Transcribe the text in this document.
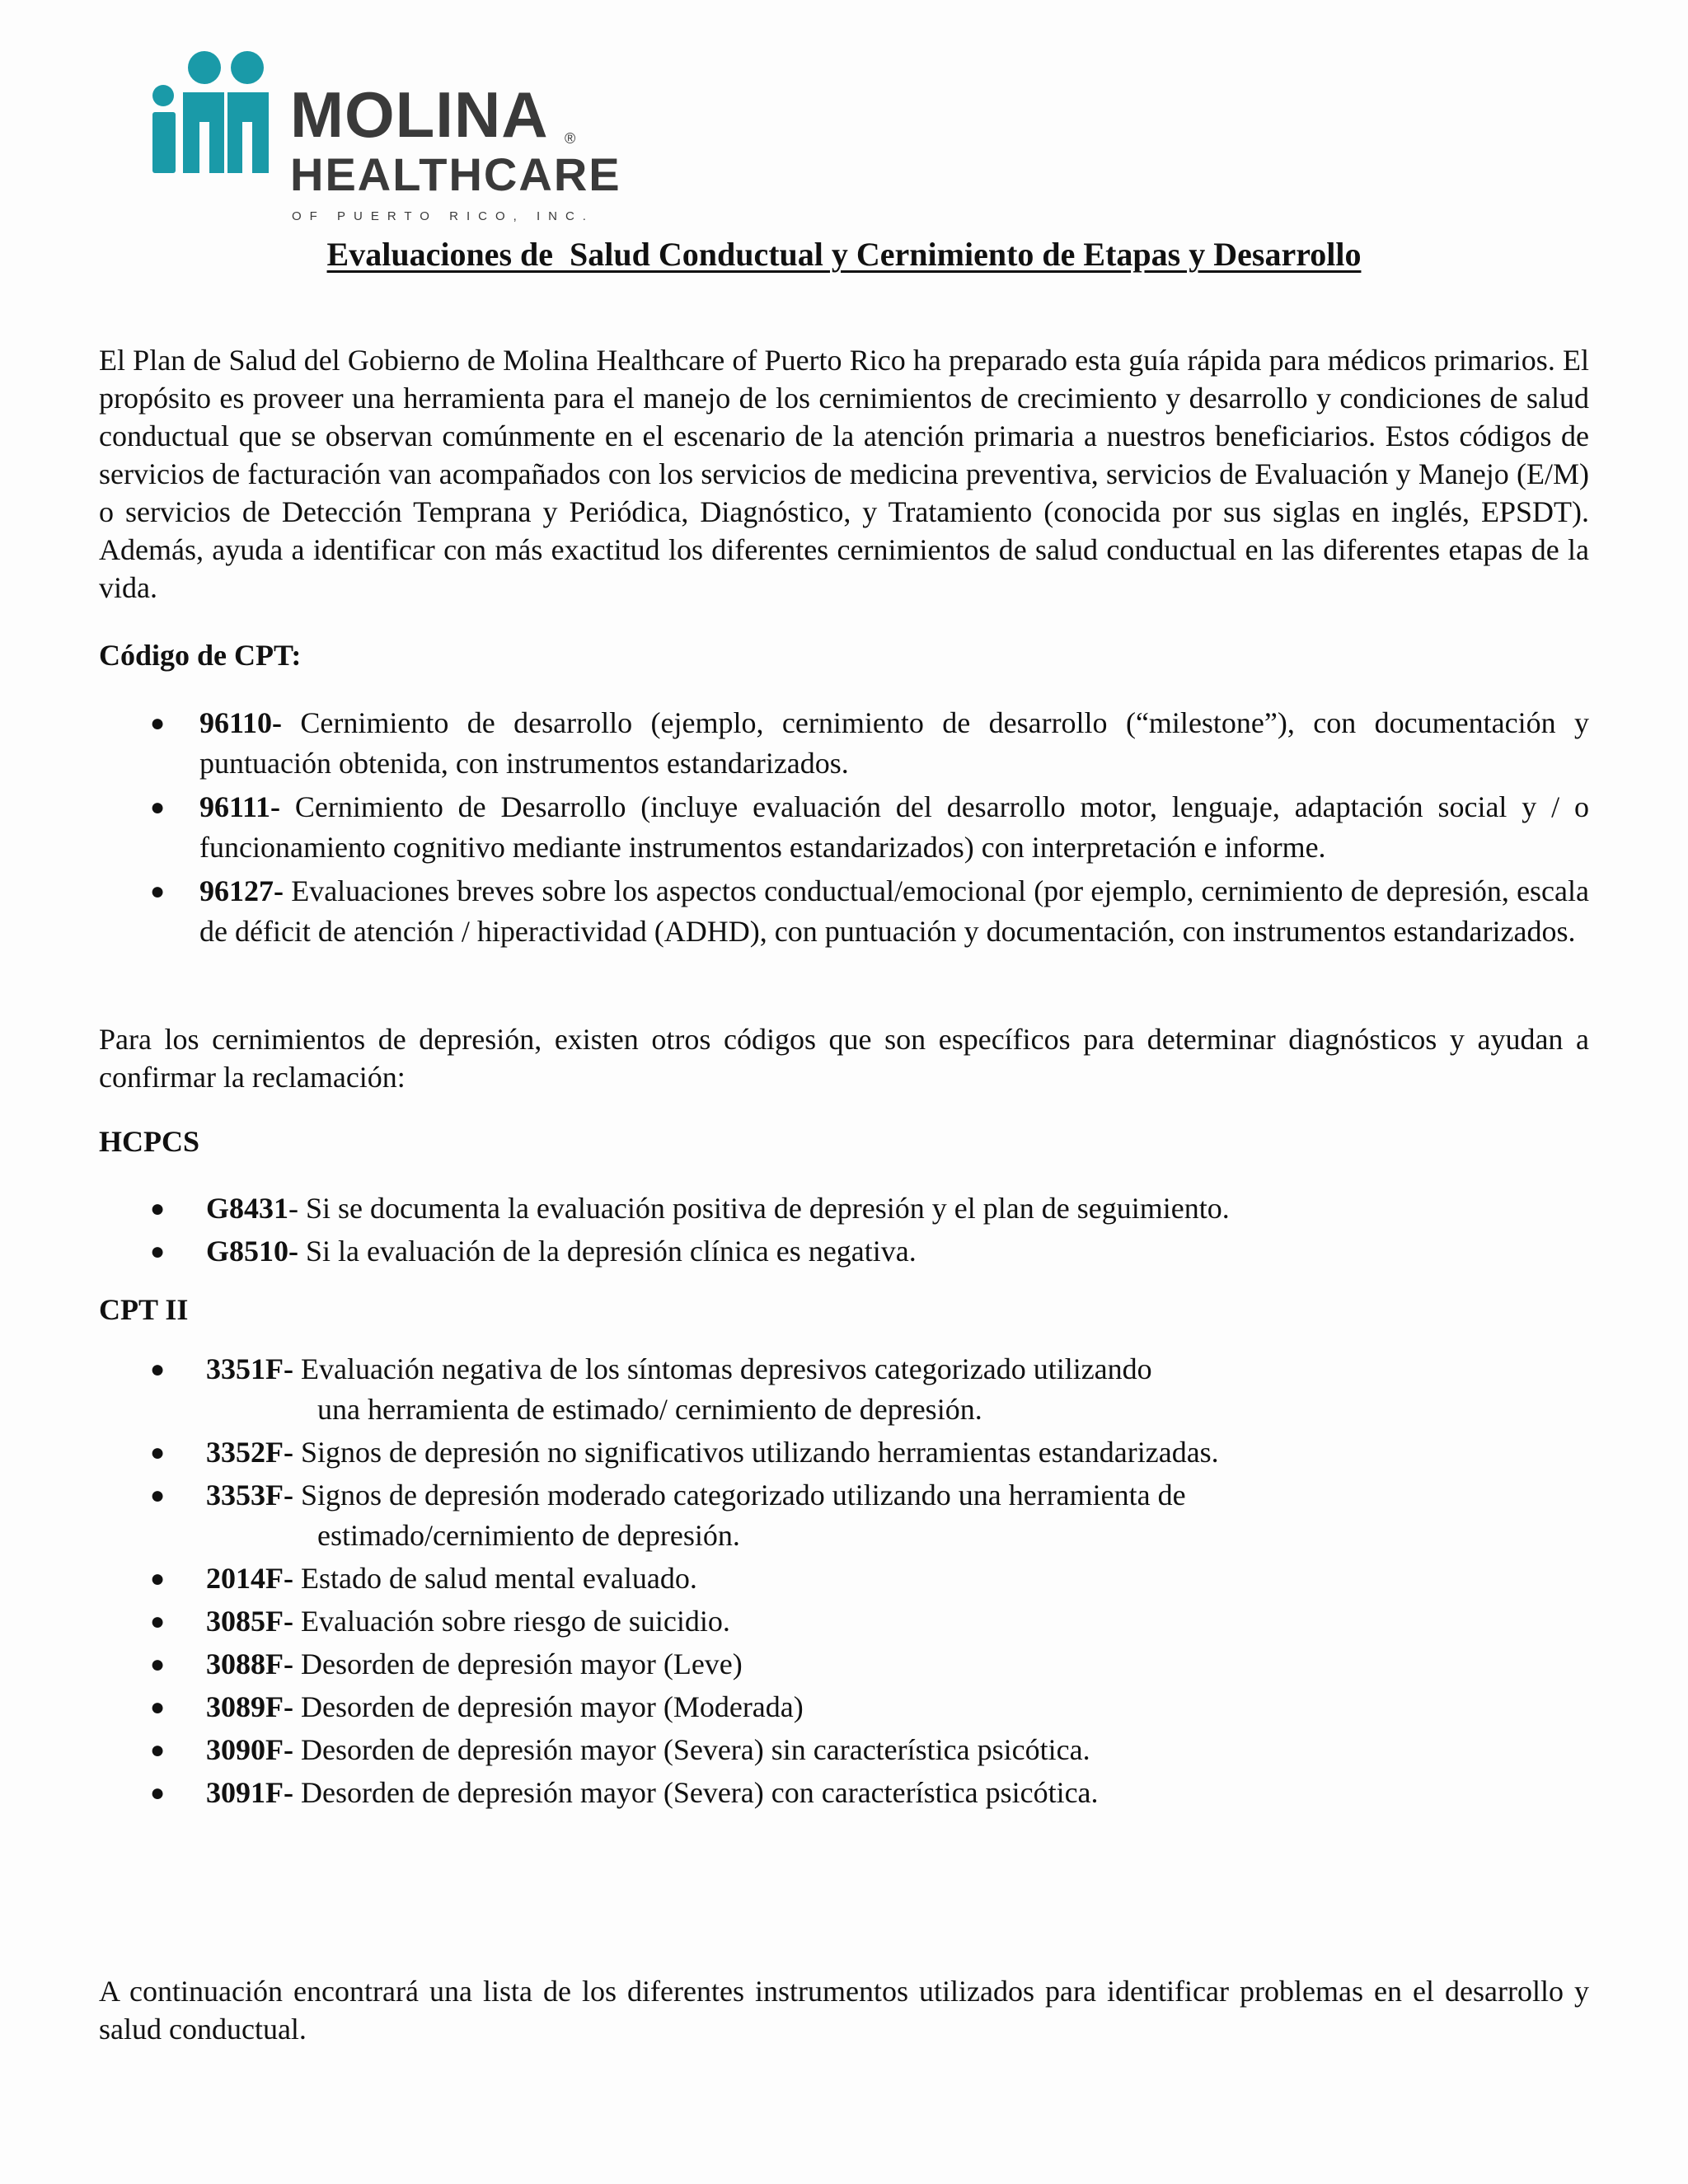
MOLINA	®
HEALTHCARE
OF PUERTO RICO, INC.
Evaluaciones de  Salud Conductual y Cernimiento de Etapas y Desarrollo

El Plan de Salud del Gobierno de Molina Healthcare of Puerto Rico ha preparado esta guía rápida para médicos primarios. El propósito es proveer una herramienta para el manejo de los cernimientos de crecimiento y desarrollo y condiciones de salud conductual que se observan comúnmente en el escenario de la atención primaria a nuestros beneficiarios. Estos códigos de servicios de facturación van acompañados con los servicios de medicina preventiva, servicios de Evaluación y Manejo (E/M) o servicios de Detección Temprana y Periódica, Diagnóstico, y Tratamiento (conocida por sus siglas en inglés, EPSDT). Además, ayuda a identificar con más exactitud los diferentes cernimientos de salud conductual en las diferentes etapas de la vida.

Código de CPT:

● 96110- Cernimiento de desarrollo (ejemplo, cernimiento de desarrollo (“milestone”), con documentación y puntuación obtenida, con instrumentos estandarizados.
● 96111- Cernimiento de Desarrollo (incluye evaluación del desarrollo motor, lenguaje, adaptación social y / o funcionamiento cognitivo mediante instrumentos estandarizados) con interpretación e informe.
● 96127- Evaluaciones breves sobre los aspectos conductual/emocional (por ejemplo, cernimiento de depresión, escala de déficit de atención / hiperactividad (ADHD), con puntuación y documentación, con instrumentos estandarizados.

Para los cernimientos de depresión, existen otros códigos que son específicos para determinar diagnósticos y ayudan a confirmar la reclamación:

HCPCS

● G8431- Si se documenta la evaluación positiva de depresión y el plan de seguimiento.
● G8510- Si la evaluación de la depresión clínica es negativa.

CPT II

● 3351F- Evaluación negativa de los síntomas depresivos categorizado utilizando
una herramienta de estimado/ cernimiento de depresión.
● 3352F- Signos de depresión no significativos utilizando herramientas estandarizadas.
● 3353F- Signos de depresión moderado categorizado utilizando una herramienta de
estimado/cernimiento de depresión.
● 2014F- Estado de salud mental evaluado.
● 3085F- Evaluación sobre riesgo de suicidio.
● 3088F- Desorden de depresión mayor (Leve)
● 3089F- Desorden de depresión mayor (Moderada)
● 3090F- Desorden de depresión mayor (Severa) sin característica psicótica.
● 3091F- Desorden de depresión mayor (Severa) con característica psicótica.

A continuación encontrará una lista de los diferentes instrumentos utilizados para identificar problemas en el desarrollo y salud conductual.
